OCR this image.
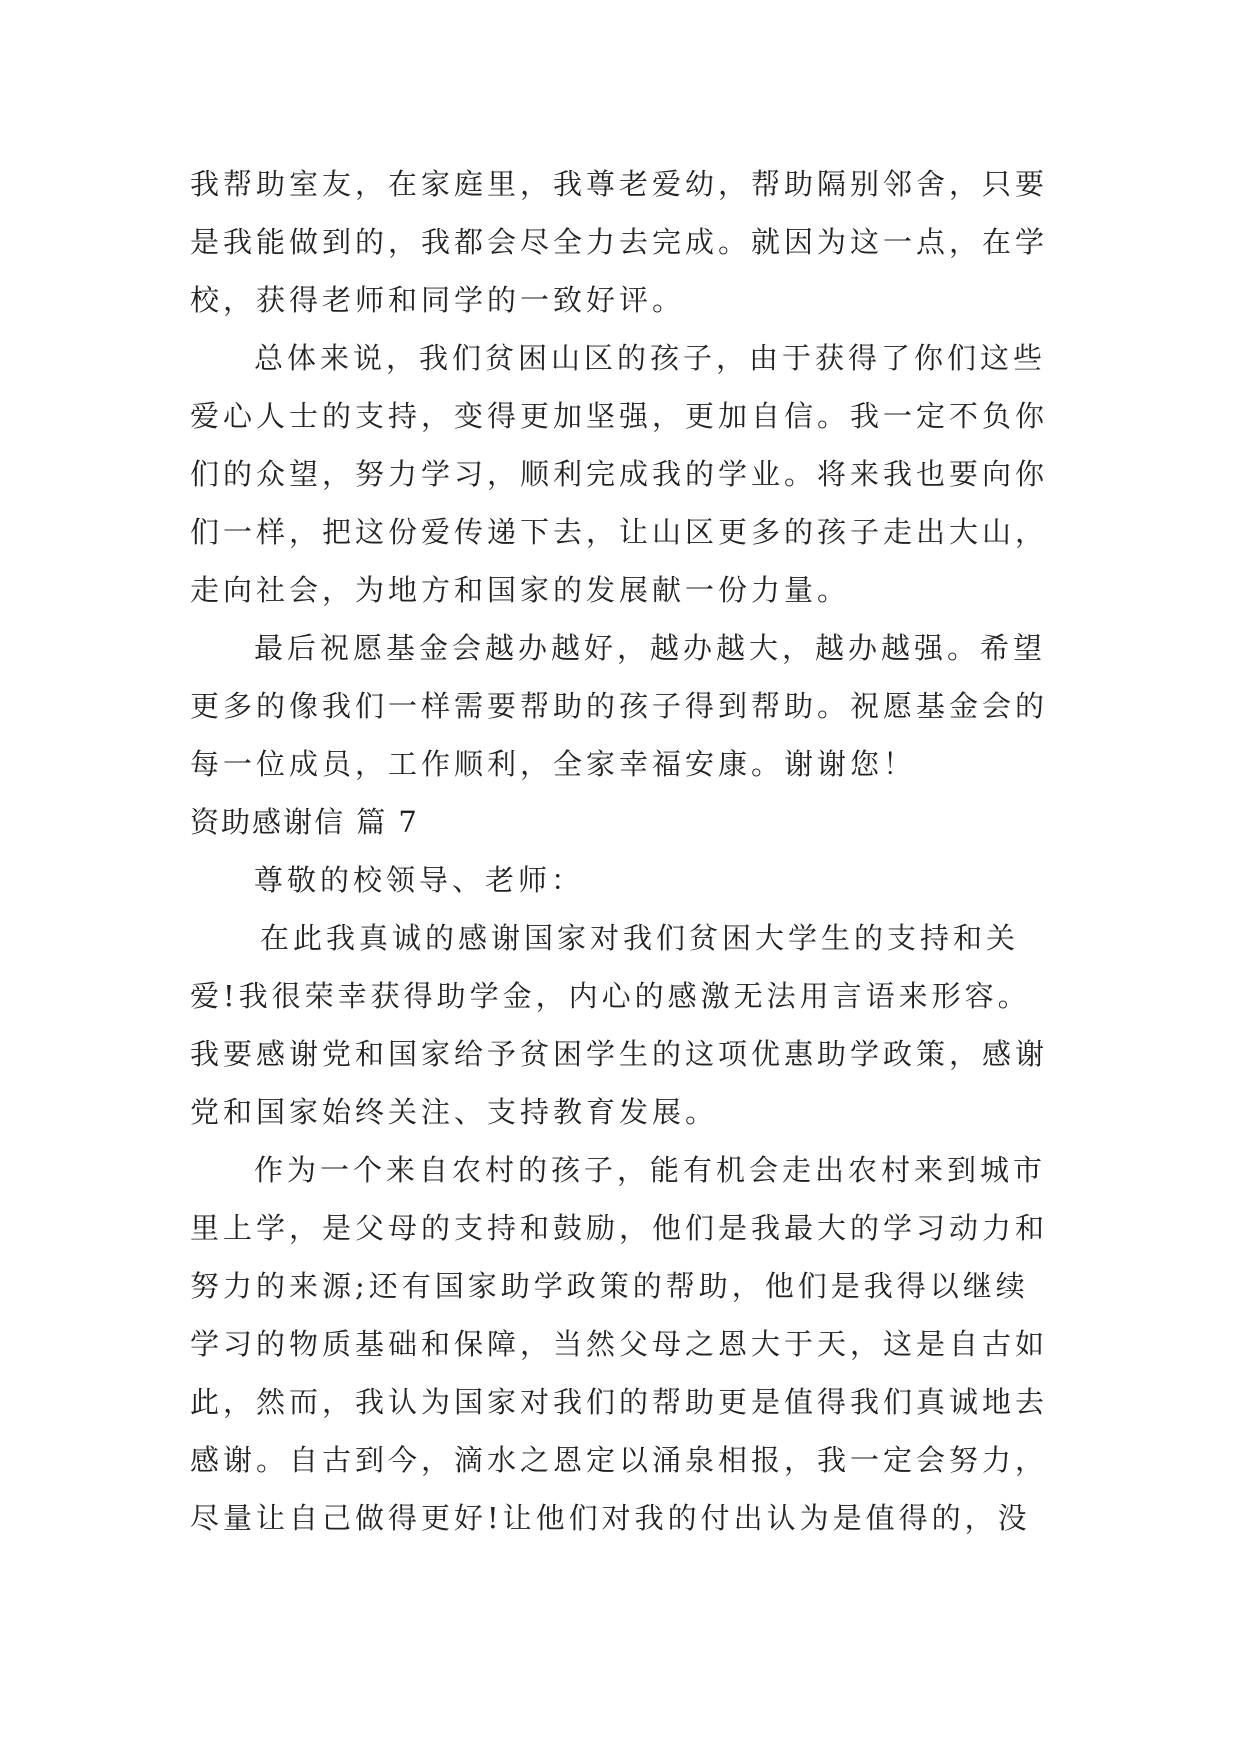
我帮助室友，在家庭里，我尊老爱幼，帮助隔别邻舍，只要
是我能做到的，我都会尽全力去完成。就因为这一点，在学
校，获得老师和同学的一致好评。

总体来说，我们贫困山区的孩子，由于获得了你们这些
爱心人士的支持，变得更加坚强，更加自信。我一定不负你
们的众望，努力学习，顺利完成我的学业。将来我也要向你
们一样，把这份爱传递下去，让山区更多的孩子走出大山，
走向社会，为地方和国家的发展献一份力量。

最后祝愿基金会越办越好，越办越大，越办越强。希望
更多的像我们一样需要帮助的孩子得到帮助。祝愿基金会的
每一位成员，工作顺利，全家幸福安康。谢谢您！

资助感谢信 篇 7

尊敬的校领导、老师：

在此我真诚的感谢国家对我们贫困大学生的支持和关
爱!我很荣幸获得助学金，内心的感激无法用言语来形容。
我要感谢党和国家给予贫困学生的这项优惠助学政策，感谢
党和国家始终关注、支持教育发展。

作为一个来自农村的孩子，能有机会走出农村来到城市
里上学，是父母的支持和鼓励，他们是我最大的学习动力和
努力的来源;还有国家助学政策的帮助，他们是我得以继续
学习的物质基础和保障，当然父母之恩大于天，这是自古如
此，然而，我认为国家对我们的帮助更是值得我们真诚地去
感谢。自古到今，滴水之恩定以涌泉相报，我一定会努力，
尽量让自己做得更好!让他们对我的付出认为是值得的，没
